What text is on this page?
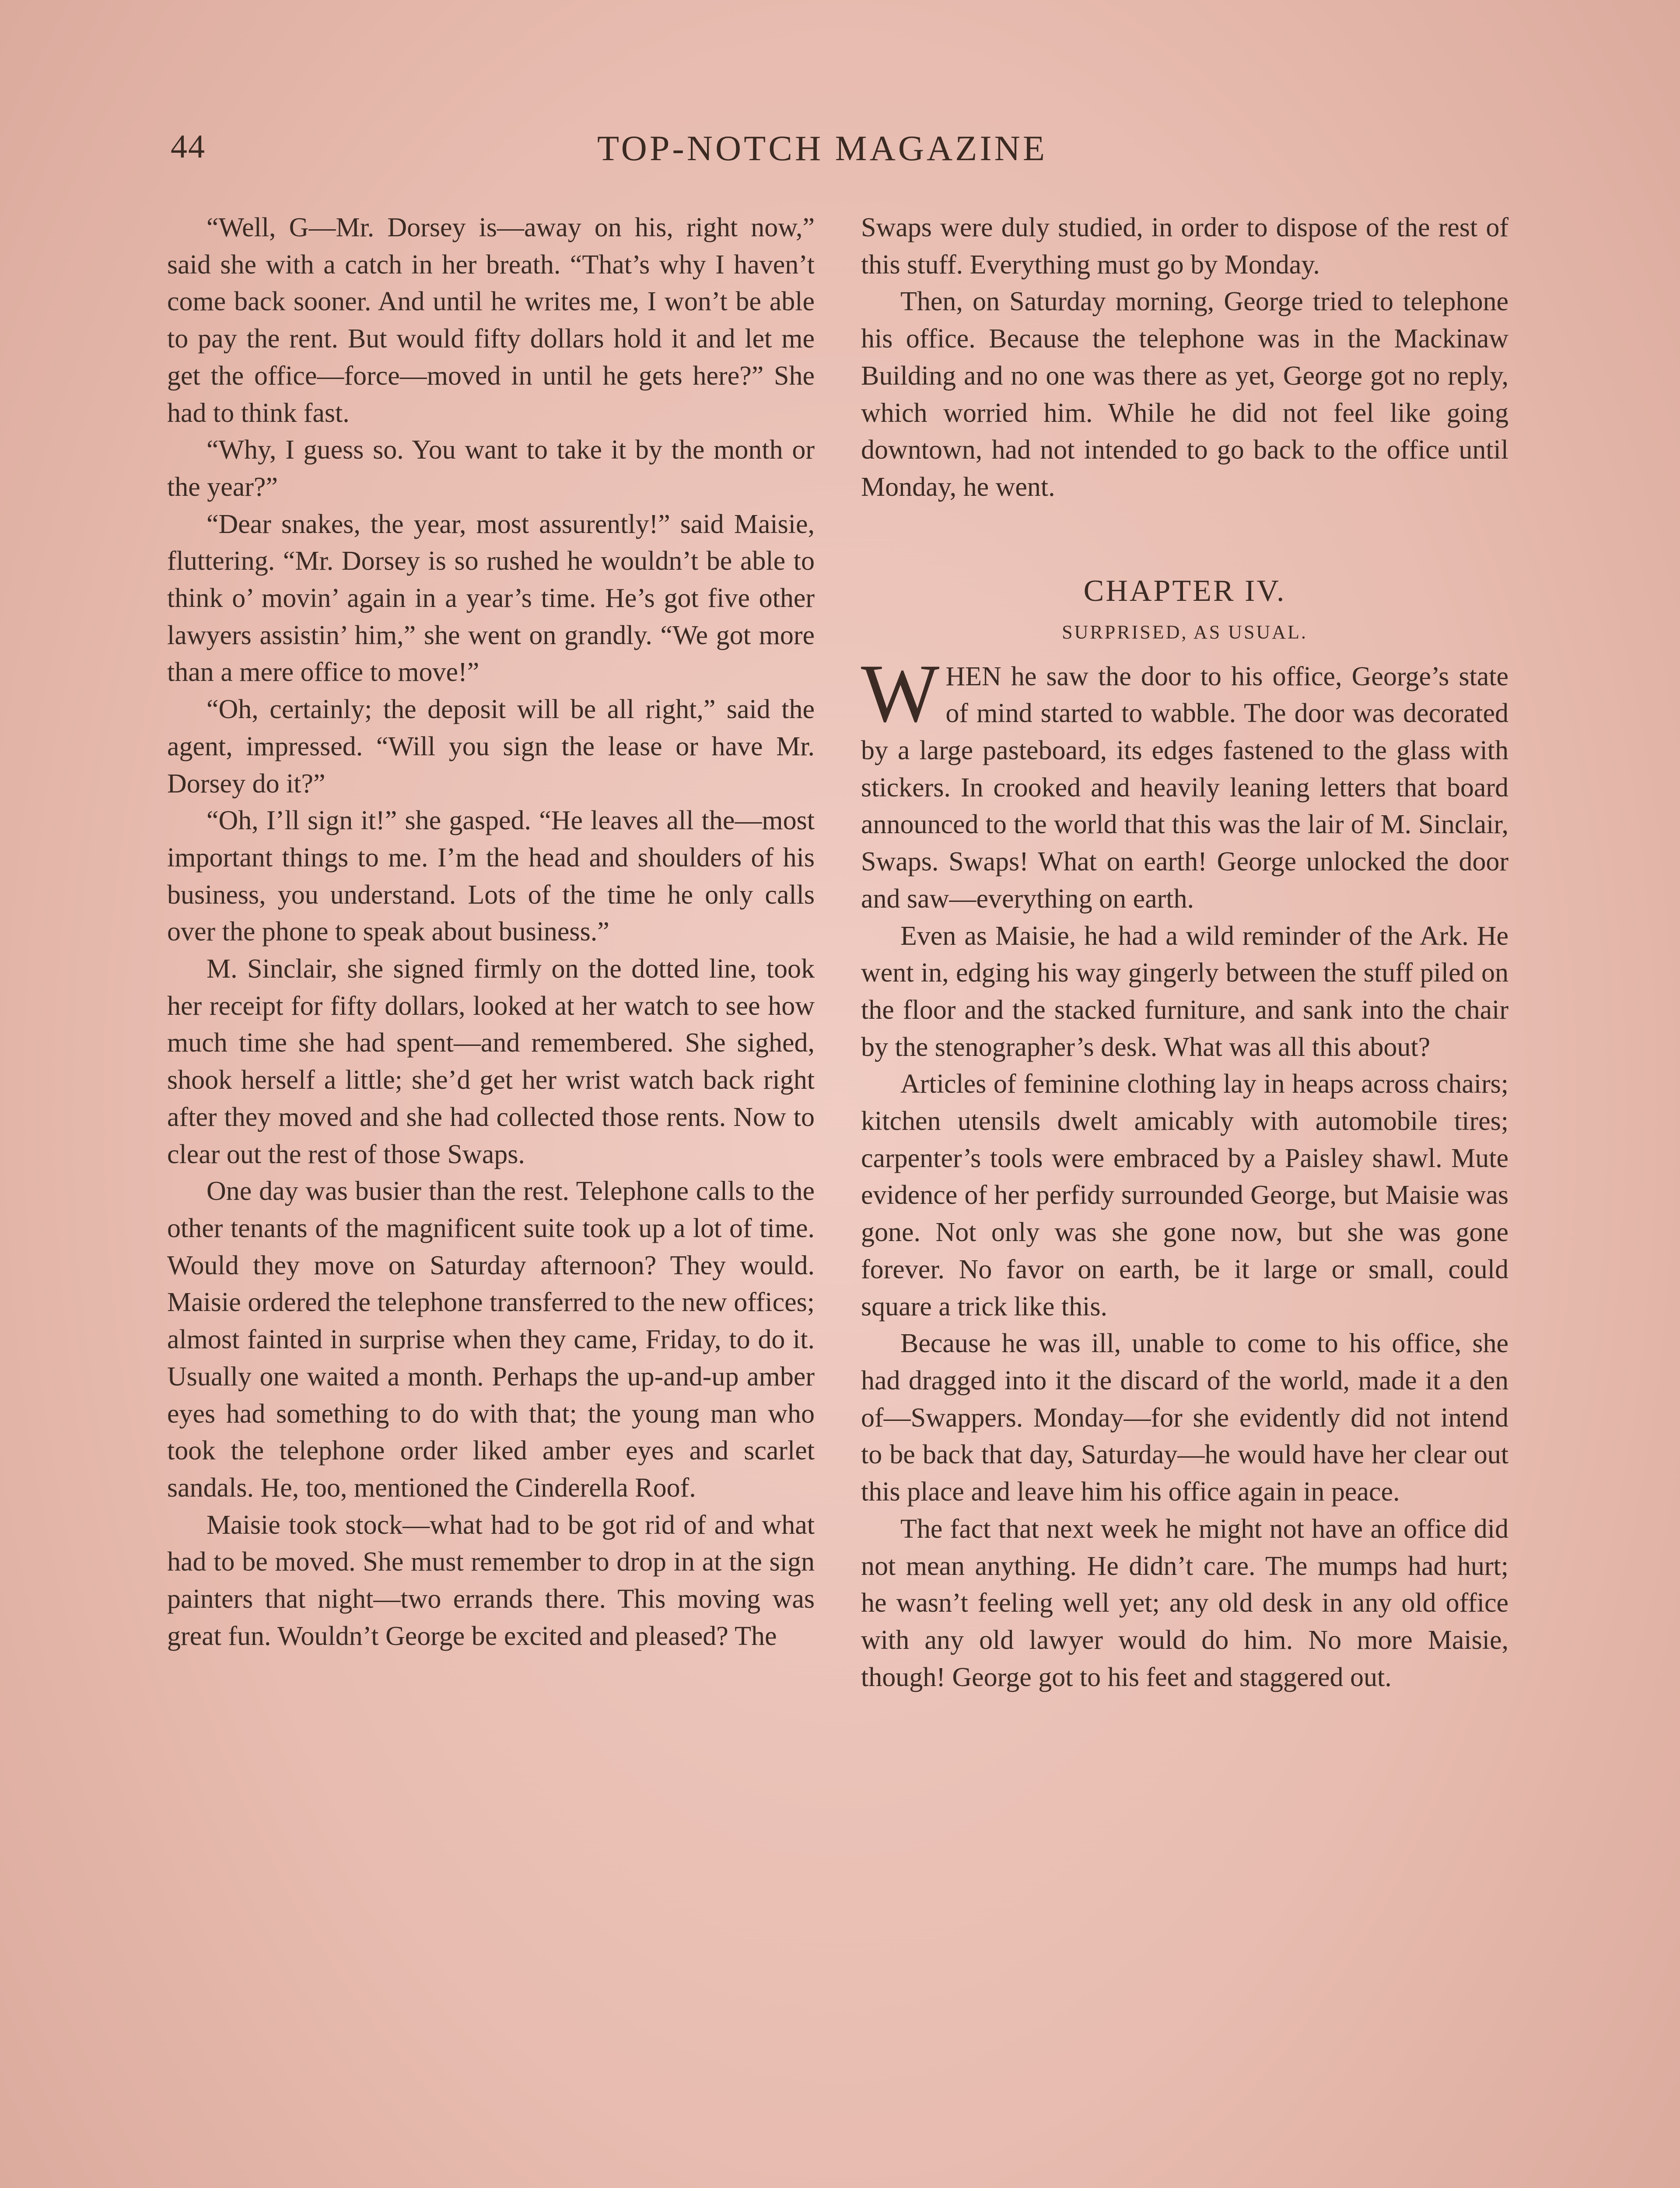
44	TOP-NOTCH MAGAZINE

“Well, G—Mr. Dorsey is—away on his, right now,” said she with a catch in her breath. “That’s why I haven’t come back sooner. And until he writes me, I won’t be able to pay the rent. But would fifty dollars hold it and let me get the office—force—moved in until he gets here?” She had to think fast.

“Why, I guess so. You want to take it by the month or the year?”

“Dear snakes, the year, most assurently!” said Maisie, fluttering. “Mr. Dorsey is so rushed he wouldn’t be able to think o’ movin’ again in a year’s time. He’s got five other lawyers assistin’ him,” she went on grandly. “We got more than a mere office to move!”

“Oh, certainly; the deposit will be all right,” said the agent, impressed. “Will you sign the lease or have Mr. Dorsey do it?”

“Oh, I’ll sign it!” she gasped. “He leaves all the—most important things to me. I’m the head and shoulders of his business, you understand. Lots of the time he only calls over the phone to speak about business.”

M. Sinclair, she signed firmly on the dotted line, took her receipt for fifty dollars, looked at her watch to see how much time she had spent—and remembered. She sighed, shook herself a little; she’d get her wrist watch back right after they moved and she had collected those rents. Now to clear out the rest of those Swaps.

One day was busier than the rest. Telephone calls to the other tenants of the magnificent suite took up a lot of time. Would they move on Saturday afternoon? They would. Maisie ordered the telephone transferred to the new offices; almost fainted in surprise when they came, Friday, to do it. Usually one waited a month. Perhaps the up-and-up amber eyes had something to do with that; the young man who took the telephone order liked amber eyes and scarlet sandals. He, too, mentioned the Cinderella Roof.

Maisie took stock—what had to be got rid of and what had to be moved. She must remember to drop in at the sign painters that night—two errands there. This moving was great fun. Wouldn’t George be excited and pleased? The

Swaps were duly studied, in order to dispose of the rest of this stuff. Everything must go by Monday.

Then, on Saturday morning, George tried to telephone his office. Because the telephone was in the Mackinaw Building and no one was there as yet, George got no reply, which worried him. While he did not feel like going downtown, had not intended to go back to the office until Monday, he went.

CHAPTER IV.
SURPRISED, AS USUAL.

WHEN he saw the door to his office, George’s state of mind started to wabble. The door was decorated by a large pasteboard, its edges fastened to the glass with stickers. In crooked and heavily leaning letters that board announced to the world that this was the lair of M. Sinclair, Swaps. Swaps! What on earth! George unlocked the door and saw—everything on earth.

Even as Maisie, he had a wild reminder of the Ark. He went in, edging his way gingerly between the stuff piled on the floor and the stacked furniture, and sank into the chair by the stenographer’s desk. What was all this about?

Articles of feminine clothing lay in heaps across chairs; kitchen utensils dwelt amicably with automobile tires; carpenter’s tools were embraced by a Paisley shawl. Mute evidence of her perfidy surrounded George, but Maisie was gone. Not only was she gone now, but she was gone forever. No favor on earth, be it large or small, could square a trick like this.

Because he was ill, unable to come to his office, she had dragged into it the discard of the world, made it a den of—Swappers. Monday—for she evidently did not intend to be back that day, Saturday—he would have her clear out this place and leave him his office again in peace.

The fact that next week he might not have an office did not mean anything. He didn’t care. The mumps had hurt; he wasn’t feeling well yet; any old desk in any old office with any old lawyer would do him. No more Maisie, though! George got to his feet and staggered out.
